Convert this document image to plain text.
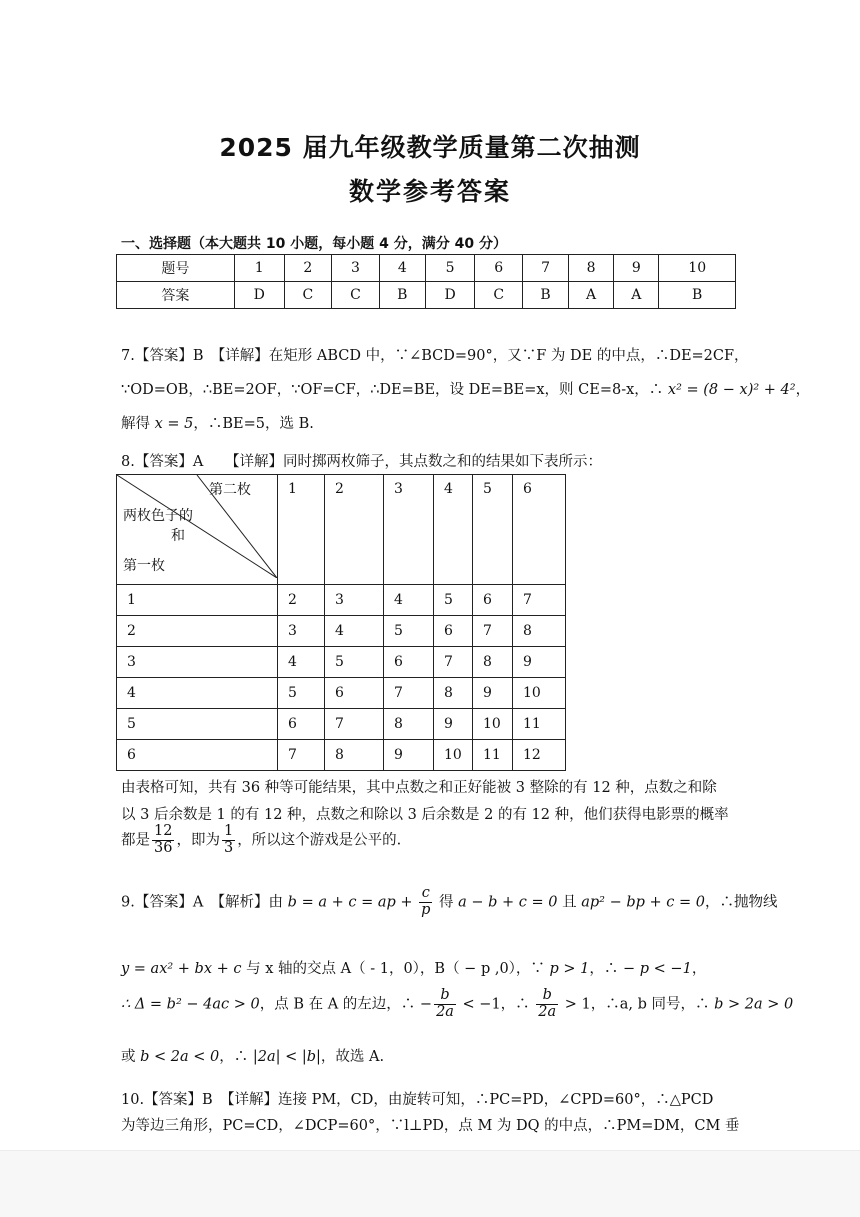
2025 届九年级教学质量第二次抽测
数学参考答案
一、选择题（本大题共 10 小题，每小题 4 分，满分 40 分）
题号	1	2	3	4	5	6	7	8	9	10
答案	D	C	C	B	D	C	B	A	A	B
7.【答案】B　【详解】在矩形 ABCD 中，∵∠BCD=90°，又∵F 为 DE 的中点，∴DE=2CF，
∵OD=OB，∴BE=2OF，∵OF=CF，∴DE=BE，设 DE=BE=x，则 CE=8-x，∴ x² = (8 − x)² + 4²，
解得 x = 5，∴BE=5，选 B.
8.【答案】A　　【详解】同时掷两枚筛子，其点数之和的结果如下表所示：
第二枚
两枚色子的
和
第一枚	1	2	3	4	5	6
1	2	3	4	5	6	7
2	3	4	5	6	7	8
3	4	5	6	7	8	9
4	5	6	7	8	9	10
5	6	7	8	9	10	11
6	7	8	9	10	11	12
由表格可知，共有 36 种等可能结果，其中点数之和正好能被 3 整除的有 12 种，点数之和除
以 3 后余数是 1 的有 12 种，点数之和除以 3 后余数是 2 的有 12 种，他们获得电影票的概率
都是 $\frac{12}{36}$ ，即为 $\frac{1}{3}$ ，所以这个游戏是公平的.
9.【答案】A　【解析】由 b = a + c = ap + $\frac{c}{p}$ 得 a − b + c = 0 且 ap² − bp + c = 0，∴抛物线
y = ax² + bx + c 与 x 轴的交点 A（ - 1，0），B（ − p ,0），∵ p > 1，∴ − p < −1，
∴ Δ = b² − 4ac > 0，点 B 在 A 的左边，∴ − $\frac{b}{2a} < -1$，∴ $\frac{b}{2a} > 1$，∴a, b 同号，∴ b > 2a > 0
或 b < 2a < 0，∴ |2a| < |b|，故选 A.
10.【答案】B　【详解】连接 PM，CD，由旋转可知，∴PC=PD，∠CPD=60°，∴△PCD
为等边三角形，PC=CD，∠DCP=60°，∵l⊥PD，点 M 为 DQ 的中点，∴PM=DM，CM 垂
